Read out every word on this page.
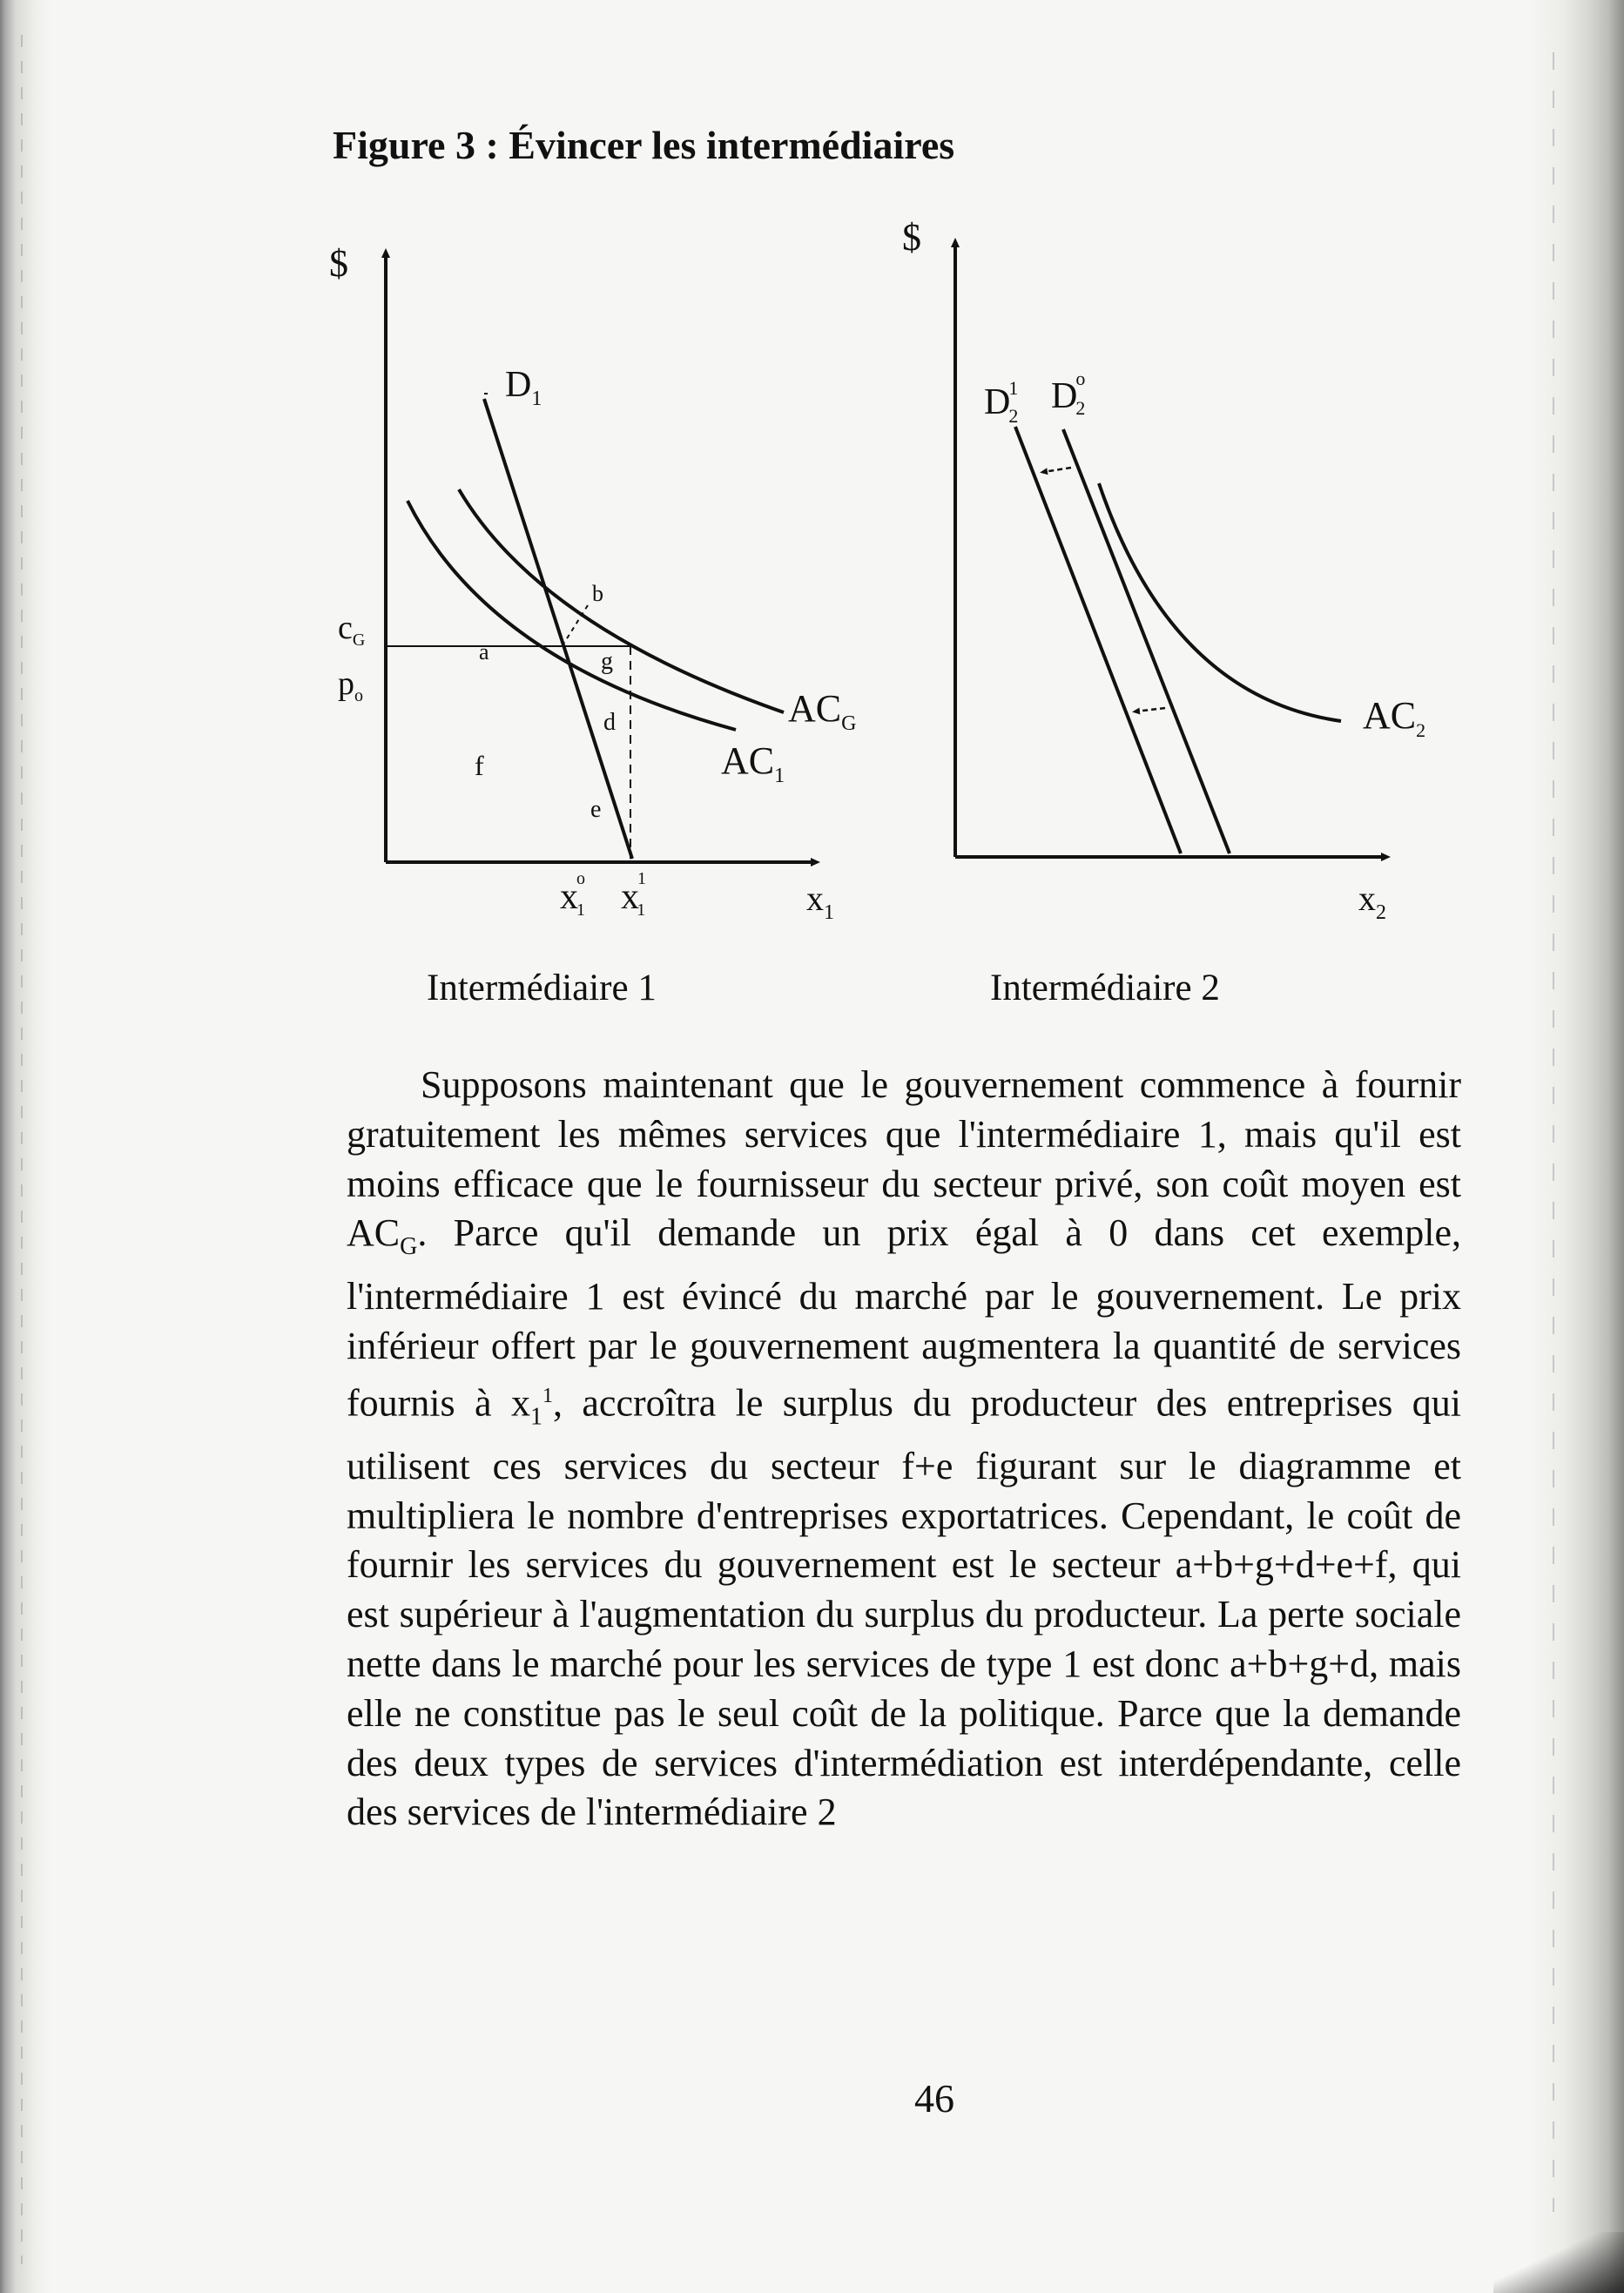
Figure 3 : Évincer les intermédiaires
$
$x_1$
$D_1$
$AC_G$
$AC_1$
$c_G$
$p_o$
a
b
g
d
e
f
xo 1 x1 1
Intermédiaire 1
$
$x_2$
D1 2 Do 2
$AC_2$
Intermédiaire 2

Supposons maintenant que le gouvernement commence à fournir gratuitement les mêmes services que l'intermédiaire 1, mais qu'il est moins efficace que le fournisseur du secteur privé, son coût moyen est $AC_G$. Parce qu'il demande un prix égal à 0 dans cet exemple, l'intermédiaire 1 est évincé du marché par le gouvernement. Le prix inférieur offert par le gouvernement augmentera la quantité de services fournis à $x_1^1$, accroîtra le surplus du producteur des entreprises qui utilisent ces services du secteur f+e figurant sur le diagramme et multipliera le nombre d'entreprises exportatrices. Cependant, le coût de fournir les services du gouvernement est le secteur a+b+g+d+e+f, qui est supérieur à l'augmentation du surplus du producteur. La perte sociale nette dans le marché pour les services de type 1 est donc a+b+g+d, mais elle ne constitue pas le seul coût de la politique. Parce que la demande des deux types de services d'intermédiation est interdépendante, celle des services de l'intermédiaire 2

46
